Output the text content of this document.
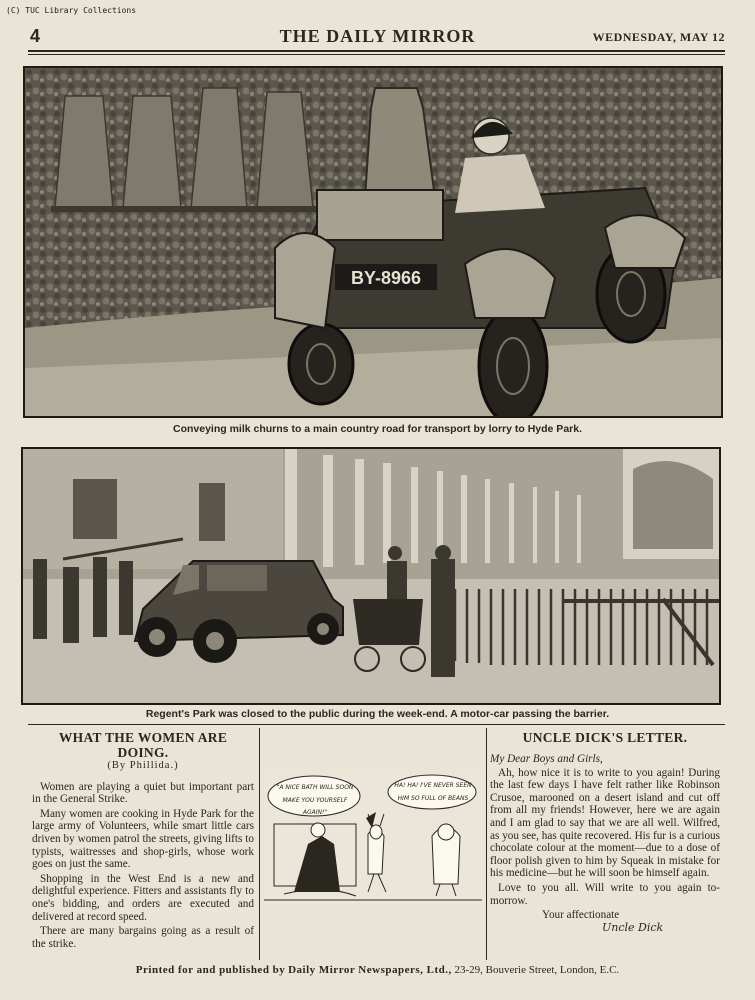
(C) TUC Library Collections
4	THE DAILY MIRROR	WEDNESDAY, MAY 12
BY-8966
Conveying milk churns to a main country road for transport by lorry to Hyde Park.
Regent's Park was closed to the public during the week-end. A motor-car passing the barrier.
WHAT THE WOMEN ARE DOING.
(By Phillida.)

Women are playing a quiet but important part in the General Strike.

Many women are cooking in Hyde Park for the large army of Volunteers, while smart little cars driven by women patrol the streets, giving lifts to typists, waitresses and shop-girls, whose work goes on just the same.

Shopping in the West End is a new and delightful experience. Fitters and assistants fly to one's bidding, and orders are executed and delivered at record speed.

There are many bargains going as a result of the strike.

"A NICE BATH WILL SOON MAKE YOU YOURSELF AGAIN!"
HA! HA! I'VE NEVER SEEN HIM SO FULL OF BEANS
UNCLE DICK'S LETTER.
My Dear Boys and Girls,

Ah, how nice it is to write to you again! During the last few days I have felt rather like Robinson Crusoe, marooned on a desert island and cut off from all my friends! However, here we are again and I am glad to say that we are all well. Wilfred, as you see, has quite recovered. His fur is a curious chocolate colour at the moment—due to a dose of floor polish given to him by Squeak in mistake for his medicine—but he will soon be himself again.

Love to you all. Will write to you again to-morrow.

Your affectionate
Uncle Dick
Printed for and published by Daily Mirror Newspapers, Ltd., 23-29, Bouverie Street, London, E.C.
